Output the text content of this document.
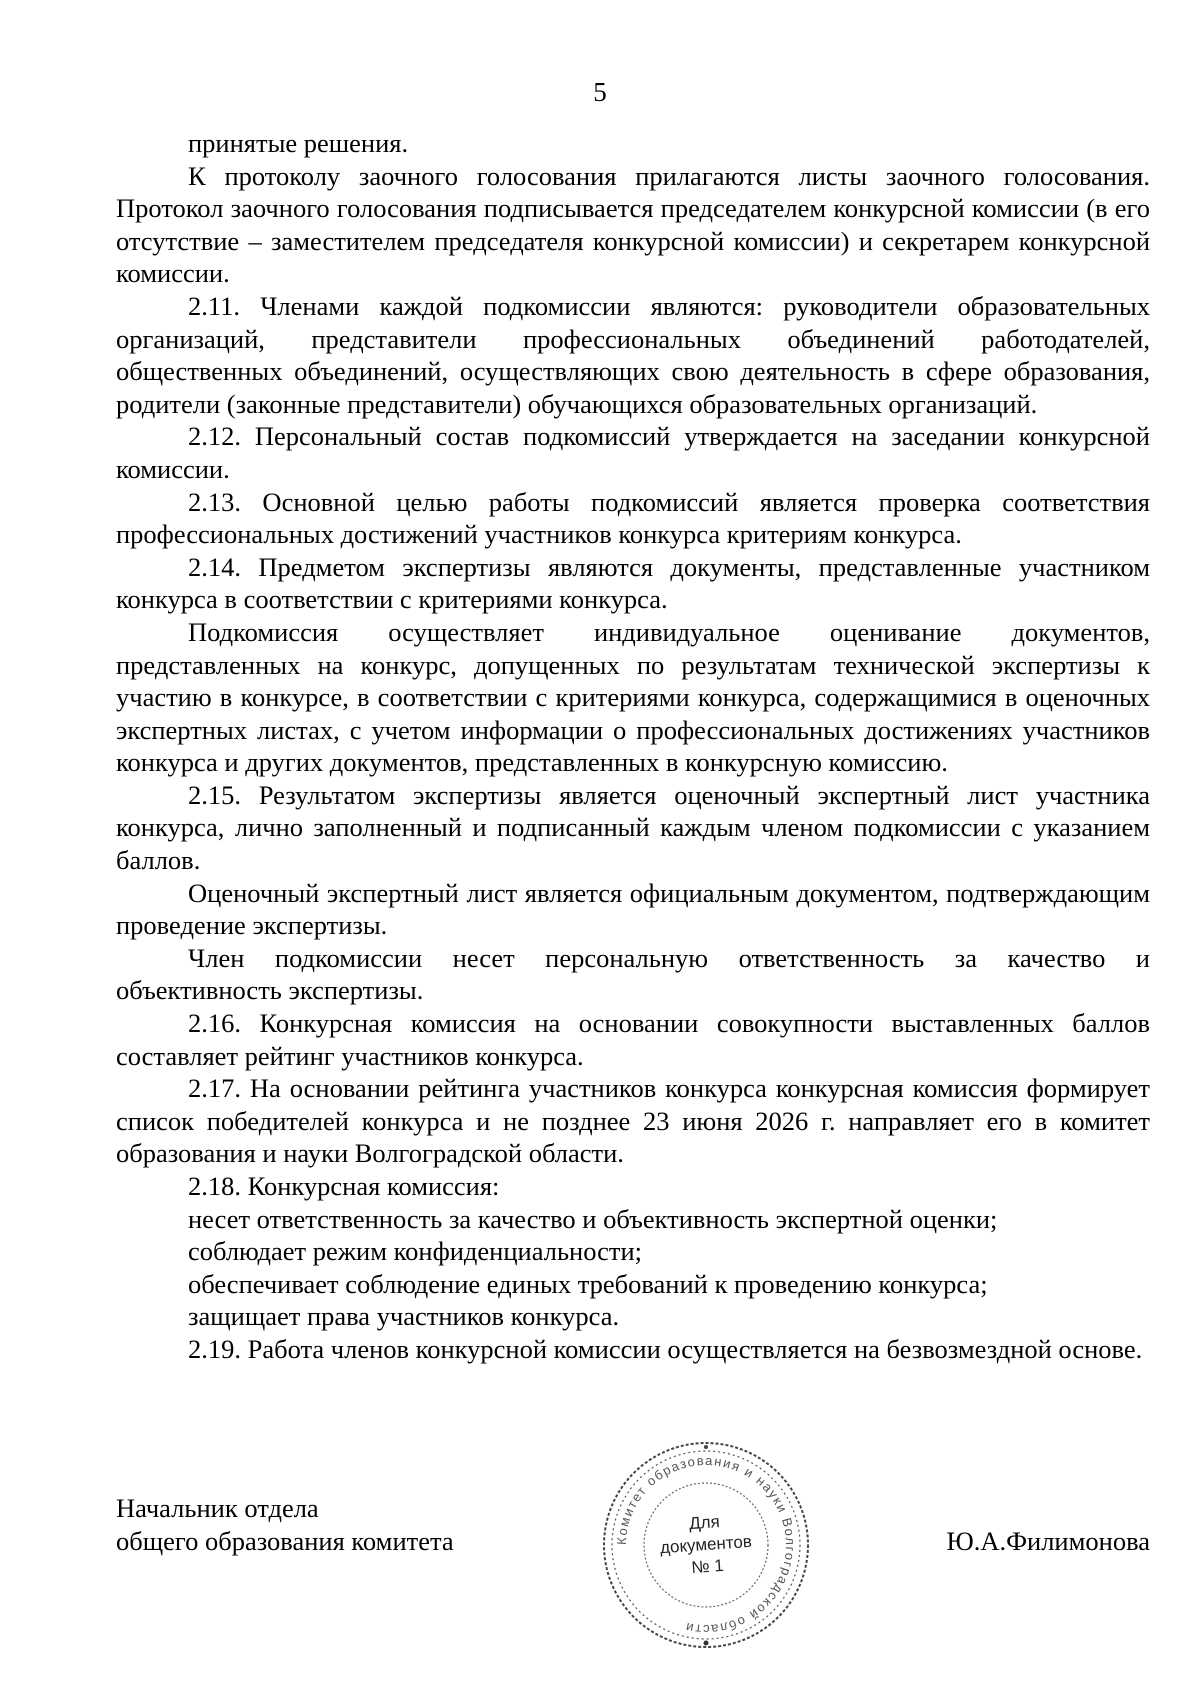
5

принятые решения.

К протоколу заочного голосования прилагаются листы заочного голосования. Протокол заочного голосования подписывается председателем конкурсной комиссии (в его отсутствие – заместителем председателя конкурсной комиссии) и секретарем конкурсной комиссии.

2.11. Членами каждой подкомиссии являются: руководители образовательных организаций, представители профессиональных объединений работодателей, общественных объединений, осуществляющих свою деятельность в сфере образования, родители (законные представители) обучающихся образовательных организаций.

2.12. Персональный состав подкомиссий утверждается на заседании конкурсной комиссии.

2.13. Основной целью работы подкомиссий является проверка соответствия профессиональных достижений участников конкурса критериям конкурса.

2.14. Предметом экспертизы являются документы, представленные участником конкурса в соответствии с критериями конкурса.

Подкомиссия осуществляет индивидуальное оценивание документов, представленных на конкурс, допущенных по результатам технической экспертизы к участию в конкурсе, в соответствии с критериями конкурса, содержащимися в оценочных экспертных листах, с учетом информации о профессиональных достижениях участников конкурса и других документов, представленных в конкурсную комиссию.

2.15. Результатом экспертизы является оценочный экспертный лист участника конкурса, лично заполненный и подписанный каждым членом подкомиссии с указанием баллов.

Оценочный экспертный лист является официальным документом, подтверждающим проведение экспертизы.

Член подкомиссии несет персональную ответственность за качество и объективность экспертизы.

2.16. Конкурсная комиссия на основании совокупности выставленных баллов составляет рейтинг участников конкурса.

2.17. На основании рейтинга участников конкурса конкурсная комиссия формирует список победителей конкурса и не позднее 23 июня 2026 г. направляет его в комитет образования и науки Волгоградской области.

2.18. Конкурсная комиссия:

несет ответственность за качество и объективность экспертной оценки;

соблюдает режим конфиденциальности;

обеспечивает соблюдение единых требований к проведению конкурса;

защищает права участников конкурса.

2.19. Работа членов конкурсной комиссии осуществляется на безвозмездной основе.

Начальник отдела
общего образования комитета	Ю.А.Филимонова
Комитет образования и науки Волгоградской области
Для
документов
№ 1
